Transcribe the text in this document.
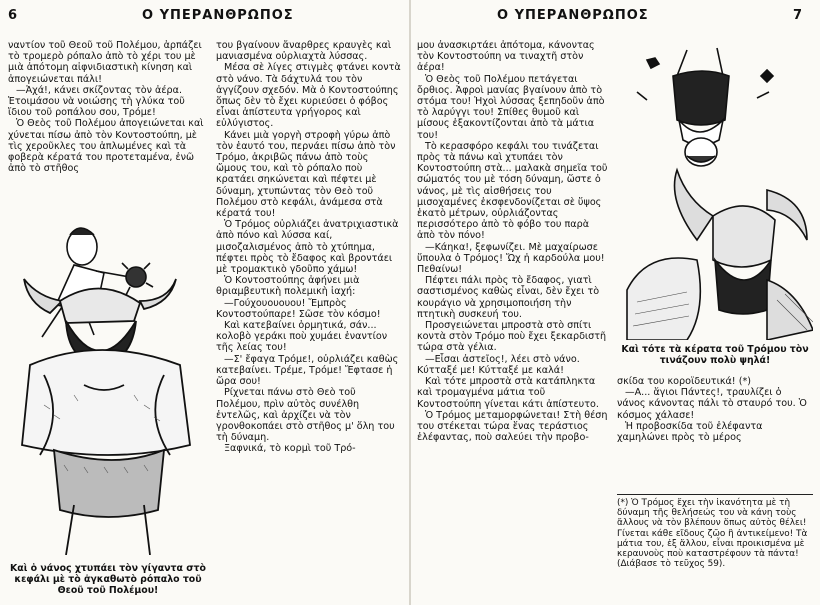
6	Ο ΥΠΕΡΑΝΘΡΩΠΟΣ

ναντίον τοῦ Θεοῦ τοῦ Πολέμου, ἁρπάζει τὸ τρομερὸ ρόπαλο ἀπὸ τὸ χέρι του μὲ μιὰ ἀπότομη αἰφνιδιαστικὴ κίνηση καὶ ἀπογειώνεται πάλι!

—Ἀχά!, κάνει σκίζοντας τὸν ἀέρα. Ἑτοιμάσου νὰ νοιώσης τὴ γλύκα τοῦ ἴδιου τοῦ ροπάλου σου, Τρόμε!

Ὁ Θεὸς τοῦ Πολέμου ἀπογειώνεται καὶ χύνεται πίσω ἀπὸ τὸν Κοντοστούπη, μὲ τὶς χεροῦκλες του ἁπλωμένες καὶ τὰ φοβερὰ κέρατά του προτεταμένα, ἐνῶ ἀπὸ τὸ στῆθος

Καὶ ὁ νάνος χτυπάει τὸν γίγαντα στὸ κεφάλι μὲ τὸ ἀγκαθωτὸ ρόπαλο τοῦ Θεοῦ τοῦ Πολέμου!

του βγαίνουν ἄναρθρες κραυγὲς καὶ μανιασμένα οὐρλιαχτὰ λύσσας.

Μέσα σὲ λίγες στιγμὲς φτάνει κοντὰ στὸ νάνο. Τὰ δάχτυλά του τὸν ἀγγίζουν σχεδόν. Μὰ ὁ Κοντοστούπης ὅπως δὲν τὸ ἔχει κυριεύσει ὁ φόβος εἶναι ἀπίστευτα γρήγορος καὶ εὐλύγιστος.

Κάνει μιὰ γοργὴ στροφὴ γύρω ἀπὸ τὸν ἑαυτό του, περνάει πίσω ἀπὸ τὸν Τρόμο, ἀκριβῶς πάνω ἀπὸ τοὺς ὤμους του, καὶ τὸ ρόπαλο ποὺ κρατάει σηκώνεται καὶ πέφτει μὲ δύναμη, χτυπώντας τὸν Θεὸ τοῦ Πολέμου στὸ κεφάλι, ἀνάμεσα στὰ κέρατά του!

Ὁ Τρόμος οὐρλιάζει ἀνατριχιαστικὰ ἀπὸ πόνο καὶ λύσσα καί, μισοζαλισμένος ἀπὸ τὸ χτύπημα, πέφτει πρὸς τὸ ἔδαφος καὶ βροντάει μὲ τρομακτικὸ γδοῦπο χάμω!

Ὁ Κοντοστούπης ἀφήνει μιὰ θριαμβευτικὴ πολεμικὴ ἰαχή:

—Γούχουουουου! Ἔμπρὸς Κοντοστούπαρε! Σῶσε τὸν κόσμο!

Καὶ κατεβαίνει ὁρμητικά, σάν... κολοβὸ γεράκι ποὺ χυμάει ἐναντίον τῆς λείας του!

—Σ' ἔφαγα Τρόμε!, οὐρλιάζει καθὼς κατεβαίνει. Τρέμε, Τρόμε! Ἔφτασε ἡ ὥρα σου!

Ρίχνεται πάνω στὸ Θεὸ τοῦ Πολέμου, πρὶν αὐτὸς συνέλθη ἐντελῶς, καὶ ἀρχίζει νὰ τὸν γρονθοκοπάει στὸ στῆθος μ' ὅλη του τὴ δύναμη.

Ξαφνικά, τὸ κορμὶ τοῦ Τρό-

Ο ΥΠΕΡΑΝΘΡΩΠΟΣ	7

μου ἀνασκιρτάει ἀπότομα, κάνοντας τὸν Κοντοστούπη να τιναχτῆ στὸν ἀέρα!

Ὁ Θεὸς τοῦ Πολέμου πετάγεται ὄρθιος. Ἀφροὶ μανίας βγαίνουν ἀπὸ τὸ στόμα του! Ἠχοὶ λύσσας ξεπηδοῦν ἀπὸ τὸ λαρύγγι του! Σπίθες θυμοῦ καὶ μίσους ἐξακοντίζονται ἀπὸ τὰ μάτια του!

Τὸ κερασφόρο κεφάλι του τινάζεται πρὸς τὰ πάνω καὶ χτυπάει τὸν Κοντοστούπη στὰ... μαλακὰ σημεῖα τοῦ σώματός του μὲ τόση δύναμη, ὥστε ὁ νάνος, μὲ τὶς αἰσθήσεις του μισοχαμένες ἐκσφενδονίζεται σὲ ὕψος ἑκατὸ μέτρων, οὐρλιάζοντας περισσότερο ἀπὸ τὸ φόβο του παρὰ ἀπὸ τὸν πόνο!

—Κάηκα!, ξεφωνίζει. Μὲ μαχαίρωσε ὕπουλα ὁ Τρόμος! Ὤχ ἡ καρδούλα μου! Πεθαίνω!

Πέφτει πάλι πρὸς τὸ ἔδαφος, γιατὶ σαστισμένος καθὼς εἶναι, δὲν ἔχει τὸ κουράγιο νὰ χρησιμοποιήση τὴν πτητικὴ συσκευή του.

Προσγειώνεται μπροστὰ στὸ σπίτι κοντὰ στὸν Τρόμο ποὺ ἔχει ξεκαρδιστῆ τώρα στὰ γέλια.

—Εἶσαι ἀστεῖος!, λέει στὸ νάνο. Κύτταξέ με! Κύτταξέ με καλά!

Καὶ τότε μπροστὰ στὰ κατάπληκτα καὶ τρομαγμένα μάτια τοῦ Κοντοστούπη γίνεται κάτι ἀπίστευτο.

Ὁ Τρόμος μεταμορφώνεται! Στὴ θέση του στέκεται τώρα ἕνας τεράστιος ἐλέφαντας, ποὺ σαλεύει τὴν προβο-

Καὶ τότε τὰ κέρατα τοῦ Τρόμου τὸν τινάζουν πολὺ ψηλά!

σκίδα του κοροϊδευτικά! (*)

—Α... ἅγιοι Πάντες!, τραυλίζει ὁ νάνος κάνοντας πάλι τὸ σταυρό του. Ὁ κόσμος χάλασε!

Ἡ προβοσκίδα τοῦ ἐλέφαντα χαμηλώνει πρὸς τὸ μέρος

(*) Ὁ Τρόμος ἔχει τὴν ἱκανότητα μὲ τὴ δύναμη τῆς θελήσεώς του νὰ κάνη τοὺς ἄλλους νὰ τὸν βλέπουν ὅπως αὐτὸς θέλει! Γίνεται κάθε εἴδους ζῶο ἢ ἀντικείμενο! Τὰ μάτια του, ἐξ ἄλλου, εἶναι προικισμένα μὲ κεραυνοὺς ποὺ καταστρέφουν τὰ πάντα! (Διάβασε τὸ τεῦχος 59).
